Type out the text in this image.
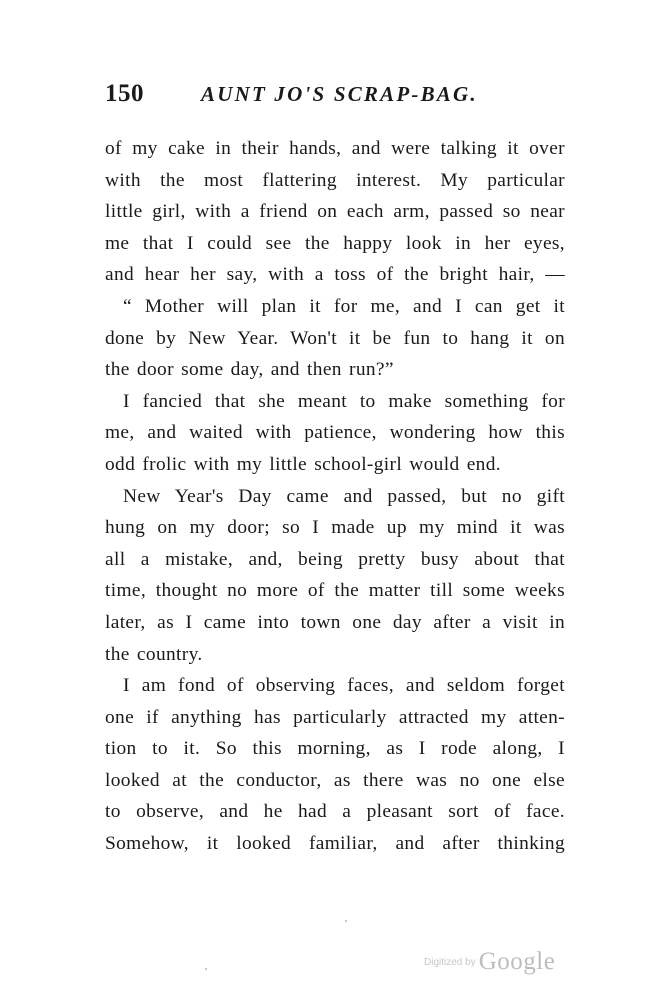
150	AUNT JO'S SCRAP-BAG.
of my cake in their hands, and were talking it over
with the most flattering interest. My particular
little girl, with a friend on each arm, passed so near
me that I could see the happy look in her eyes,
and hear her say, with a toss of the bright hair, —
“ Mother will plan it for me, and I can get it
done by New Year. Won't it be fun to hang it on
the door some day, and then run?”
I fancied that she meant to make something for
me, and waited with patience, wondering how this
odd frolic with my little school-girl would end.
New Year's Day came and passed, but no gift
hung on my door; so I made up my mind it was
all a mistake, and, being pretty busy about that
time, thought no more of the matter till some weeks
later, as I came into town one day after a visit in
the country.
I am fond of observing faces, and seldom forget
one if anything has particularly attracted my atten-
tion to it. So this morning, as I rode along, I
looked at the conductor, as there was no one else
to observe, and he had a pleasant sort of face.
Somehow, it looked familiar, and after thinking
Digitized by Google
